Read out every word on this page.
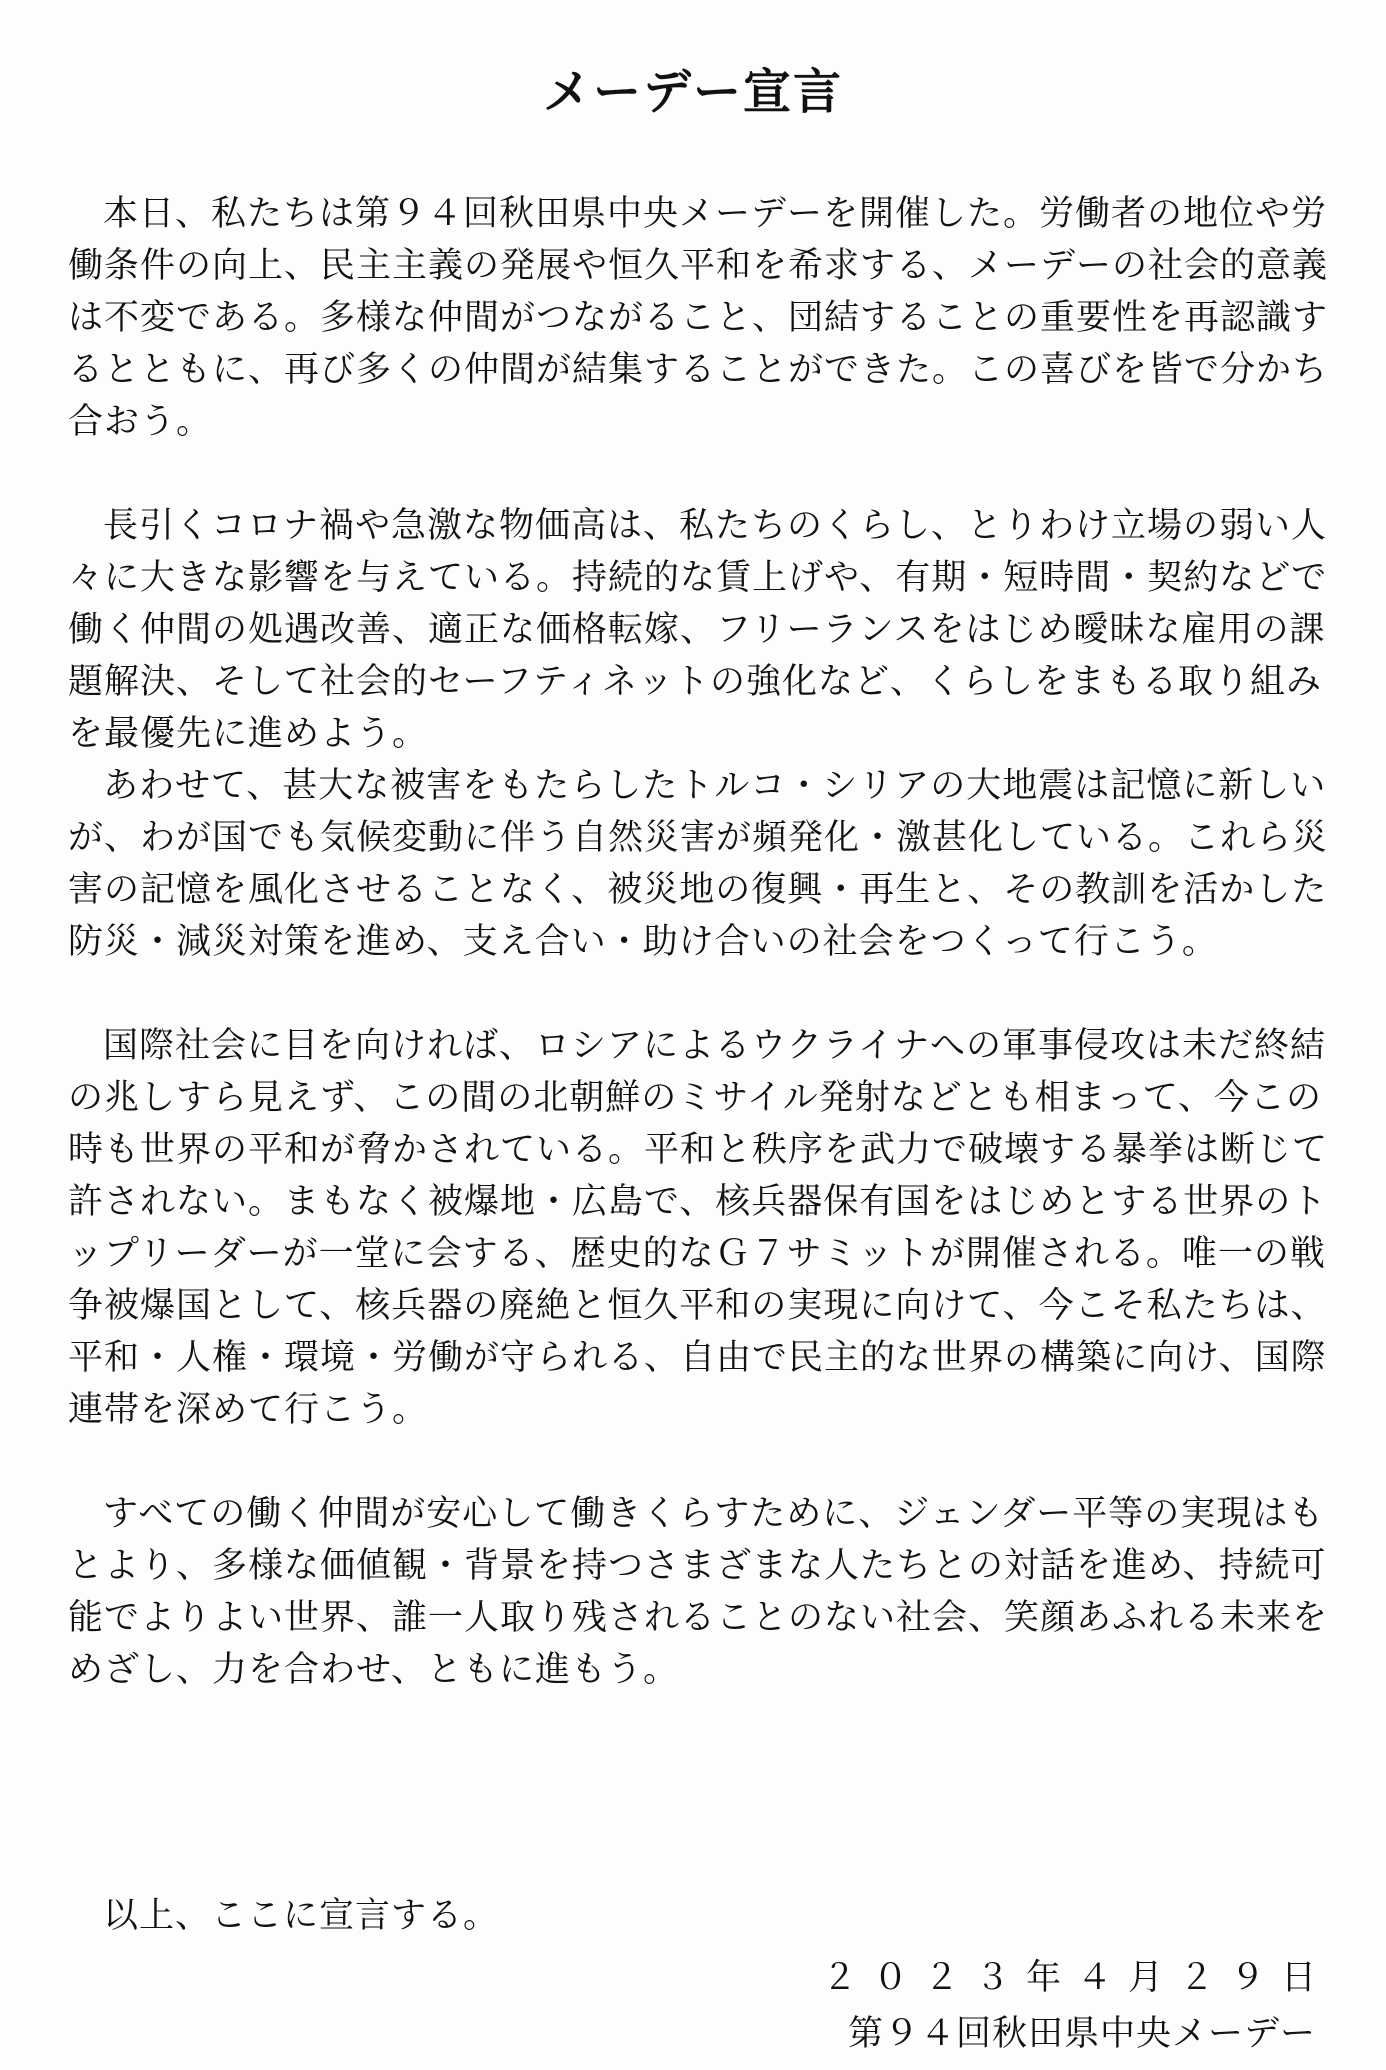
メーデー宣言

本日、私たちは第９４回秋田県中央メーデーを開催した。労働者の地位や労働条件の向上、民主主義の発展や恒久平和を希求する、メーデーの社会的意義は不変である。多様な仲間がつながること、団結することの重要性を再認識するとともに、再び多くの仲間が結集することができた。この喜びを皆で分かち合おう。

長引くコロナ禍や急激な物価高は、私たちのくらし、とりわけ立場の弱い人々に大きな影響を与えている。持続的な賃上げや、有期・短時間・契約などで働く仲間の処遇改善、適正な価格転嫁、フリーランスをはじめ曖昧な雇用の課題解決、そして社会的セーフティネットの強化など、くらしをまもる取り組みを最優先に進めよう。

あわせて、甚大な被害をもたらしたトルコ・シリアの大地震は記憶に新しいが、わが国でも気候変動に伴う自然災害が頻発化・激甚化している。これら災害の記憶を風化させることなく、被災地の復興・再生と、その教訓を活かした防災・減災対策を進め、支え合い・助け合いの社会をつくって行こう。

国際社会に目を向ければ、ロシアによるウクライナへの軍事侵攻は未だ終結の兆しすら見えず、この間の北朝鮮のミサイル発射などとも相まって、今この時も世界の平和が脅かされている。平和と秩序を武力で破壊する暴挙は断じて許されない。まもなく被爆地・広島で、核兵器保有国をはじめとする世界のトップリーダーが一堂に会する、歴史的なＧ７サミットが開催される。唯一の戦争被爆国として、核兵器の廃絶と恒久平和の実現に向けて、今こそ私たちは、平和・人権・環境・労働が守られる、自由で民主的な世界の構築に向け、国際連帯を深めて行こう。

すべての働く仲間が安心して働きくらすために、ジェンダー平等の実現はもとより、多様な価値観・背景を持つさまざまな人たちとの対話を進め、持続可能でよりよい世界、誰一人取り残されることのない社会、笑顔あふれる未来をめざし、力を合わせ、ともに進もう。

以上、ここに宣言する。
２０２３年４月２９日
第９４回秋田県中央メーデー
